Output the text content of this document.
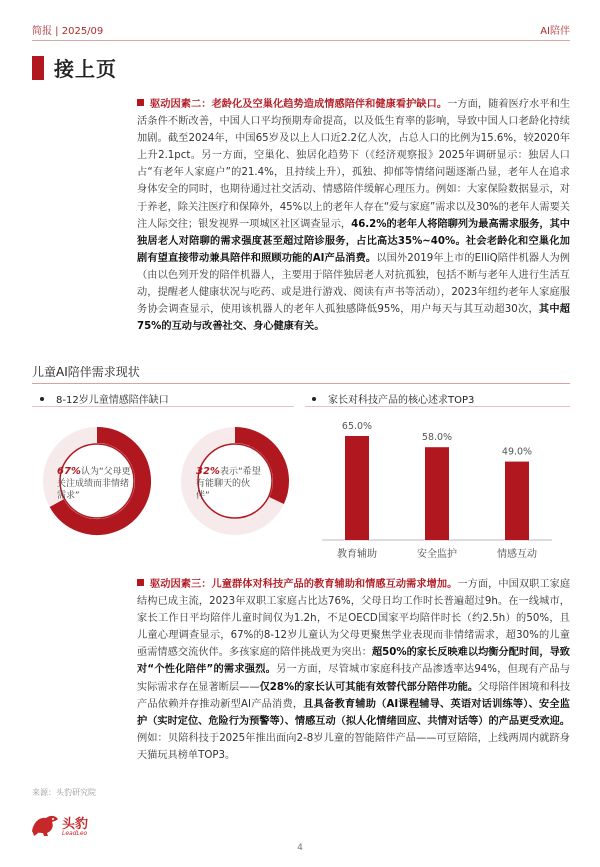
简报 | 2025/09	AI陪伴
接上页
驱动因素二：老龄化及空巢化趋势造成情感陪伴和健康看护缺口。一方面，随着医疗水平和生活条件不断改善，中国人口平均预期寿命提高，以及低生育率的影响，导致中国人口老龄化持续加剧。截至2024年，中国65岁及以上人口近2.2亿人次，占总人口的比例为15.6%，较2020年上升2.1pct。另一方面，空巢化、独居化趋势下（《经济观察报》2025年调研显示：独居人口占“有老年人家庭户”的21.4%，且持续上升），孤独、抑郁等情绪问题逐渐凸显，老年人在追求身体安全的同时，也期待通过社交活动、情感陪伴缓解心理压力。例如：大家保险数据显示，对于养老，除关注医疗和保障外，45%以上的老年人存在“爱与家庭”需求以及30%的老年人需要关注人际交往；银发视界一项城区社区调查显示，46.2%的老年人将陪聊列为最高需求服务，其中独居老人对陪聊的需求强度甚至超过陪诊服务，占比高达35%~40%。社会老龄化和空巢化加剧有望直接带动兼具陪伴和照顾功能的AI产品消费。以国外2019年上市的ElliQ陪伴机器人为例（由以色列开发的陪伴机器人，主要用于陪伴独居老人对抗孤独，包括不断与老年人进行生活互动，提醒老人健康状况与吃药、或是进行游戏、阅读有声书等活动），2023年纽约老年人家庭服务协会调查显示，使用该机器人的老年人孤独感降低95%，用户每天与其互动超30次，其中超75%的互动与改善社交、身心健康有关。
儿童AI陪伴需求现状
8-12岁儿童情感陪伴缺口	家长对科技产品的核心述求TOP3
65.0%
教育辅助
58.0%
安全监护
49.0%
情感互动
67%认为“父母更关注成绩而非情绪需求”
32%表示“希望有能聊天的伙伴”
驱动因素三：儿童群体对科技产品的教育辅助和情感互动需求增加。一方面，中国双职工家庭结构已成主流，2023年双职工家庭占比达76%，父母日均工作时长普遍超过9h。在一线城市，家长工作日平均陪伴儿童时间仅为1.2h，不足OECD国家平均陪伴时长（约2.5h）的50%，且儿童心理调查显示，67%的8-12岁儿童认为父母更聚焦学业表现而非情绪需求，超30%的儿童亟需情感交流伙伴。多孩家庭的陪伴挑战更为突出：超50%的家长反映难以均衡分配时间，导致对“个性化陪伴”的需求强烈。另一方面，尽管城市家庭科技产品渗透率达94%，但现有产品与实际需求存在显著断层——仅28%的家长认可其能有效替代部分陪伴功能。父母陪伴困境和科技产品依赖并存推动新型AI产品消费，且具备教育辅助（AI课程辅导、英语对话训练等）、安全监护（实时定位、危险行为预警等）、情感互动（拟人化情绪回应、共情对话等）的产品更受欢迎。例如：贝陪科技于2025年推出面向2-8岁儿童的智能陪伴产品——可豆陪陪，上线两周内就跻身天猫玩具榜单TOP3。
来源：头豹研究院
头豹
LeadLeo
4
